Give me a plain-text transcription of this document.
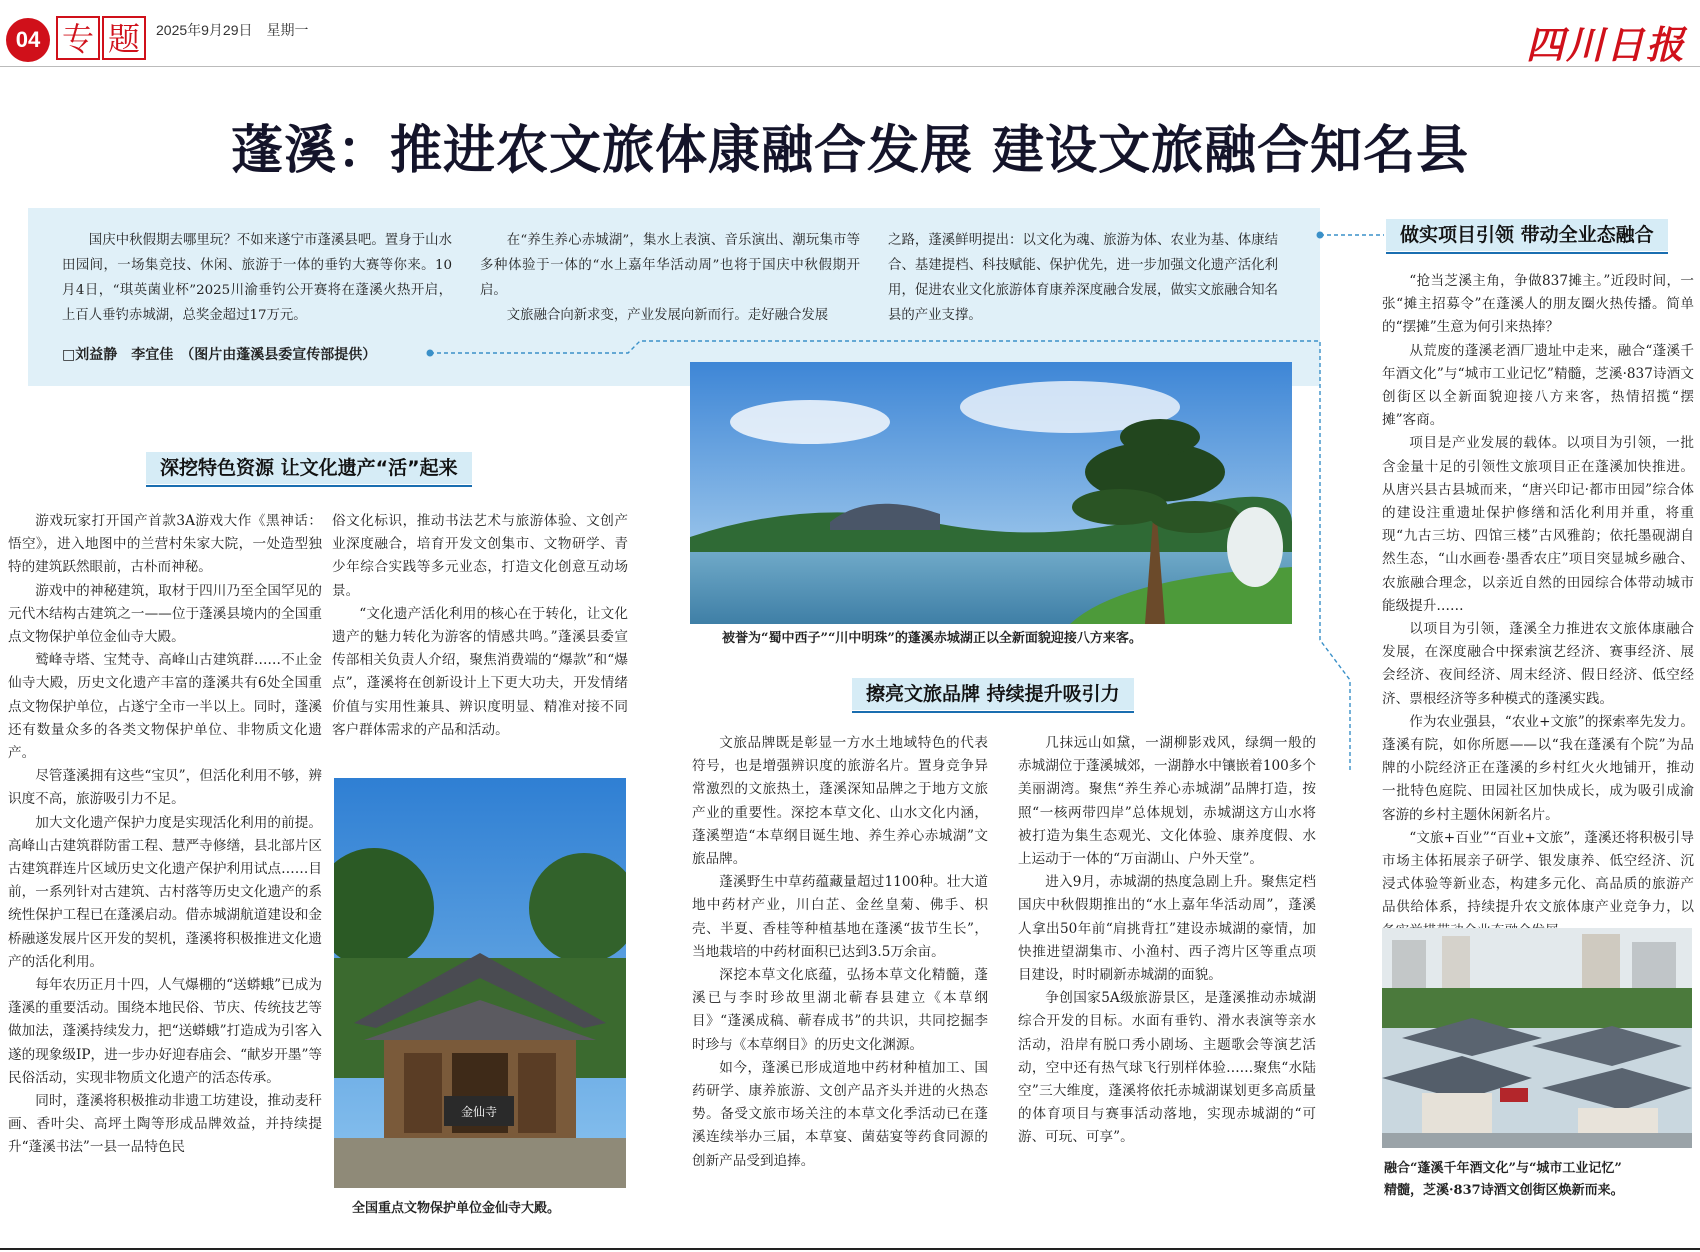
04 专 题	2025年9月29日　星期一	四川日报
蓬溪：推进农文旅体康融合发展 建设文旅融合知名县
国庆中秋假期去哪里玩？不如来遂宁市蓬溪县吧。置身于山水田园间，一场集竞技、休闲、旅游于一体的垂钓大赛等你来。10月4日，“琪英菌业杯”2025川渝垂钓公开赛将在蓬溪火热开启，上百人垂钓赤城湖，总奖金超过17万元。

在“养生养心赤城湖”，集水上表演、音乐演出、潮玩集市等多种体验于一体的“水上嘉年华活动周”也将于国庆中秋假期开启。

文旅融合向新求变，产业发展向新而行。走好融合发展

之路，蓬溪鲜明提出：以文化为魂、旅游为体、农业为基、体康结合、基建提档、科技赋能、保护优先，进一步加强文化遗产活化利用，促进农业文化旅游体育康养深度融合发展，做实文旅融合知名县的产业支撑。
□刘益静　李宜佳　（图片由蓬溪县委宣传部提供）
深挖特色资源 让文化遗产“活”起来
擦亮文旅品牌 持续提升吸引力
做实项目引领 带动全业态融合

游戏玩家打开国产首款3A游戏大作《黑神话：悟空》，进入地图中的兰营村朱家大院，一处造型独特的建筑跃然眼前，古朴而神秘。

游戏中的神秘建筑，取材于四川乃至全国罕见的元代木结构古建筑之一——位于蓬溪县境内的全国重点文物保护单位金仙寺大殿。

鹫峰寺塔、宝梵寺、高峰山古建筑群……不止金仙寺大殿，历史文化遗产丰富的蓬溪共有6处全国重点文物保护单位，占遂宁全市一半以上。同时，蓬溪还有数量众多的各类文物保护单位、非物质文化遗产。

尽管蓬溪拥有这些“宝贝”，但活化利用不够，辨识度不高，旅游吸引力不足。

加大文化遗产保护力度是实现活化利用的前提。高峰山古建筑群防雷工程、慧严寺修缮，县北部片区古建筑群连片区域历史文化遗产保护利用试点……目前，一系列针对古建筑、古村落等历史文化遗产的系统性保护工程已在蓬溪启动。借赤城湖航道建设和金桥融遂发展片区开发的契机，蓬溪将积极推进文化遗产的活化利用。

每年农历正月十四，人气爆棚的“送蟒蛾”已成为蓬溪的重要活动。围绕本地民俗、节庆、传统技艺等做加法，蓬溪持续发力，把“送蟒蛾”打造成为引客入遂的现象级IP，进一步办好迎春庙会、“献岁开墨”等民俗活动，实现非物质文化遗产的活态传承。

同时，蓬溪将积极推动非遗工坊建设，推动麦秆画、香叶尖、高坪土陶等形成品牌效益，并持续提升“蓬溪书法”一县一品特色民

俗文化标识，推动书法艺术与旅游体验、文创产业深度融合，培育开发文创集市、文物研学、青少年综合实践等多元业态，打造文化创意互动场景。

“文化遗产活化利用的核心在于转化，让文化遗产的魅力转化为游客的情感共鸣。”蓬溪县委宣传部相关负责人介绍，聚焦消费端的“爆款”和“爆点”，蓬溪将在创新设计上下更大功夫，开发情绪价值与实用性兼具、辨识度明显、精准对接不同客户群体需求的产品和活动。

金仙寺
全国重点文物保护单位金仙寺大殿。
被誉为“蜀中西子”“川中明珠”的蓬溪赤城湖正以全新面貌迎接八方来客。

文旅品牌既是彰显一方水土地域特色的代表符号，也是增强辨识度的旅游名片。置身竞争异常激烈的文旅热土，蓬溪深知品牌之于地方文旅产业的重要性。深挖本草文化、山水文化内涵，蓬溪塑造“本草纲目诞生地、养生养心赤城湖”文旅品牌。

蓬溪野生中草药蕴藏量超过1100种。壮大道地中药材产业，川白芷、金丝皇菊、佛手、枳壳、半夏、香桂等种植基地在蓬溪“拔节生长”，当地栽培的中药材面积已达到3.5万余亩。

深挖本草文化底蕴，弘扬本草文化精髓，蓬溪已与李时珍故里湖北蕲春县建立《本草纲目》“蓬溪成稿、蕲春成书”的共识，共同挖掘李时珍与《本草纲目》的历史文化渊源。

如今，蓬溪已形成道地中药材种植加工、国药研学、康养旅游、文创产品齐头并进的火热态势。备受文旅市场关注的本草文化季活动已在蓬溪连续举办三届，本草宴、菌菇宴等药食同源的创新产品受到追捧。

几抹远山如黛，一湖柳影戏风，绿绸一般的赤城湖位于蓬溪城郊，一湖静水中镶嵌着100多个美丽湖湾。聚焦“养生养心赤城湖”品牌打造，按照“一核两带四岸”总体规划，赤城湖这方山水将被打造为集生态观光、文化体验、康养度假、水上运动于一体的“万亩湖山、户外天堂”。

进入9月，赤城湖的热度急剧上升。聚焦定档国庆中秋假期推出的“水上嘉年华活动周”，蓬溪人拿出50年前“肩挑背扛”建设赤城湖的豪情，加快推进望湖集市、小渔村、西子湾片区等重点项目建设，时时刷新赤城湖的面貌。

争创国家5A级旅游景区，是蓬溪推动赤城湖综合开发的目标。水面有垂钓、滑水表演等亲水活动，沿岸有脱口秀小剧场、主题歌会等演艺活动，空中还有热气球飞行别样体验……聚焦“水陆空”三大维度，蓬溪将依托赤城湖谋划更多高质量的体育项目与赛事活动落地，实现赤城湖的“可游、可玩、可享”。

“抢当芝溪主角，争做837摊主。”近段时间，一张“摊主招募令”在蓬溪人的朋友圈火热传播。简单的“摆摊”生意为何引来热捧？

从荒废的蓬溪老酒厂遗址中走来，融合“蓬溪千年酒文化”与“城市工业记忆”精髓，芝溪·837诗酒文创街区以全新面貌迎接八方来客，热情招揽“摆摊”客商。

项目是产业发展的载体。以项目为引领，一批含金量十足的引领性文旅项目正在蓬溪加快推进。从唐兴县古县城而来，“唐兴印记·都市田园”综合体的建设注重遗址保护修缮和活化利用并重，将重现“九古三坊、四馆三楼”古风雅韵；依托墨砚湖自然生态，“山水画卷·墨香农庄”项目突显城乡融合、农旅融合理念，以亲近自然的田园综合体带动城市能级提升……

以项目为引领，蓬溪全力推进农文旅体康融合发展，在深度融合中探索演艺经济、赛事经济、展会经济、夜间经济、周末经济、假日经济、低空经济、票根经济等多种模式的蓬溪实践。

作为农业强县，“农业+文旅”的探索率先发力。蓬溪有院，如你所愿——以“我在蓬溪有个院”为品牌的小院经济正在蓬溪的乡村红火火地铺开，推动一批特色庭院、田园社区加快成长，成为吸引成渝客游的乡村主题休闲新名片。

“文旅+百业”“百业+文旅”，蓬溪还将积极引导市场主体拓展亲子研学、银发康养、低空经济、沉浸式体验等新业态，构建多元化、高品质的旅游产品供给体系，持续提升农文旅体康产业竞争力，以

融合“蓬溪千年酒文化”与“城市工业记忆”
精髓，芝溪·837诗酒文创街区焕新而来。
